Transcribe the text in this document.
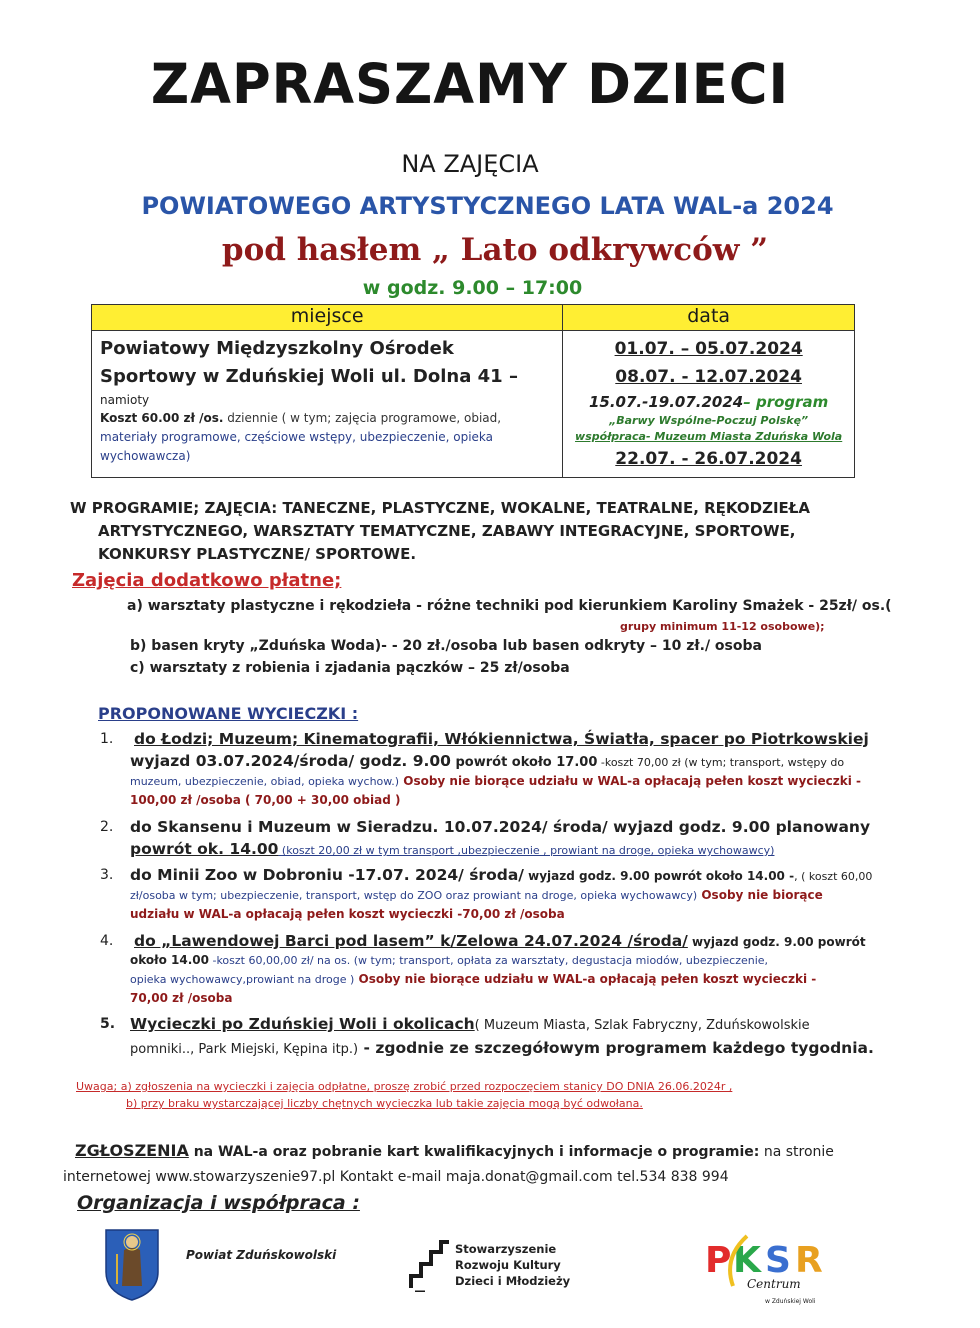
ZAPRASZAMY DZIECI
NA ZAJĘCIA
POWIATOWEGO ARTYSTYCZNEGO LATA WAL-a 2024
pod hasłem „ Lato odkrywców ”
w godz. 9.00 – 17:00
miejsce	data

Powiatowy Międzyszkolny Ośrodek
Sportowy w Zduńskiej Woli ul. Dolna 41 –
namioty
Koszt 60.00 zł /os. dziennie ( w tym; zajęcia programowe, obiad,
materiały programowe, częściowe wstępy, ubezpieczenie, opieka
wychowawcza)

01.07. – 05.07.2024
08.07. - 12.07.2024
15.07.-19.07.2024– program
„Barwy Wspólne-Poczuj Polskę”
współpraca- Muzeum Miasta Zduńska Wola
22.07. - 26.07.2024
W PROGRAMIE; ZAJĘCIA: TANECZNE, PLASTYCZNE, WOKALNE, TEATRALNE, RĘKODZIEŁA
ARTYSTYCZNEGO, WARSZTATY TEMATYCZNE, ZABAWY INTEGRACYJNE, SPORTOWE,
KONKURSY PLASTYCZNE/ SPORTOWE.
Zajęcia dodatkowo płatne;
a) warsztaty plastyczne i rękodzieła - różne techniki pod kierunkiem Karoliny Smażek - 25zł/ os.(
grupy minimum 11-12 osobowe);
b) basen kryty „Zduńska Woda)- - 20 zł./osoba lub basen odkryty – 10 zł./ osoba
c) warsztaty z robienia i zjadania pączków – 25 zł/osoba
PROPONOWANE WYCIECZKI :
1. do Łodzi; Muzeum; Kinematografii, Włókiennictwa, Światła, spacer po Piotrkowskiej
wyjazd 03.07.2024/środa/ godz. 9.00 powrót około 17.00 -koszt 70,00 zł (w tym; transport, wstępy do
muzeum, ubezpieczenie, obiad, opieka wychow.) Osoby nie biorące udziału w WAL-a opłacają pełen koszt wycieczki -
100,00 zł /osoba ( 70,00 + 30,00 obiad )
2. do Skansenu i Muzeum w Sieradzu. 10.07.2024/ środa/ wyjazd godz. 9.00 planowany
powrót ok. 14.00 (koszt 20,00 zł w tym transport ,ubezpieczenie , prowiant na droge, opieka wychowawcy)
3. do Minii Zoo w Dobroniu -17.07. 2024/ środa/ wyjazd godz. 9.00 powrót około 14.00 -, ( koszt 60,00
zł/osoba w tym; ubezpieczenie, transport, wstęp do ZOO oraz prowiant na droge, opieka wychowawcy) Osoby nie biorące
udziału w WAL-a opłacają pełen koszt wycieczki -70,00 zł /osoba
4. do „Lawendowej Barci pod lasem” k/Zelowa 24.07.2024 /środa/ wyjazd godz. 9.00 powrót
około 14.00 -koszt 60,00,00 zł/ na os. (w tym; transport, opłata za warsztaty, degustacja miodów, ubezpieczenie,
opieka wychowawcy,prowiant na droge ) Osoby nie biorące udziału w WAL-a opłacają pełen koszt wycieczki -
70,00 zł /osoba
5. Wycieczki po Zduńskiej Woli i okolicach( Muzeum Miasta, Szlak Fabryczny, Zduńskowolskie
pomniki.., Park Miejski, Kępina itp.) - zgodnie ze szczegółowym programem każdego tygodnia.
Uwaga; a) zgłoszenia na wycieczki i zajęcia odpłatne, proszę zrobić przed rozpoczęciem stanicy DO DNIA 26.06.2024r ,
b) przy braku wystarczającej liczby chętnych wycieczka lub takie zajęcia mogą być odwołana.
ZGŁOSZENIA na WAL-a oraz pobranie kart kwalifikacyjnych i informacje o programie: na stronie
internetowej www.stowarzyszenie97.pl Kontakt e-mail maja.donat@gmail.com tel.534 838 994
Organizacja i współpraca :
Powiat Zduńskowolski	Stowarzyszenie
Rozwoju Kultury
Dzieci i Młodzieży	P K S R
Centrum
w Zduńskiej Woli
